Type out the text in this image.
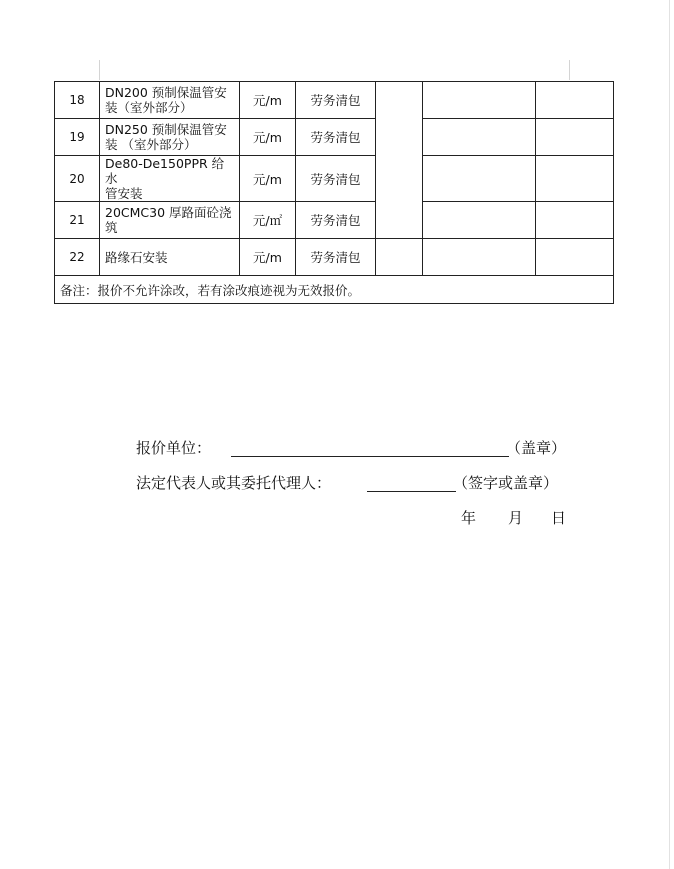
18	DN200 预制保温管安
装（室外部分）	元/m	劳务清包			
19	DN250 预制保温管安
装 （室外部分）	元/m	劳务清包			
20	De80-De150PPR 给水
管安装	元/m	劳务清包			
21	20CMC30 厚路面砼浇
筑	元/㎡	劳务清包			
22	路缘石安装	元/m	劳务清包			
备注：报价不允许涂改，若有涂改痕迹视为无效报价。						
报价单位：	（盖章）
法定代表人或其委托代理人：	（签字或盖章）
年 月 日
